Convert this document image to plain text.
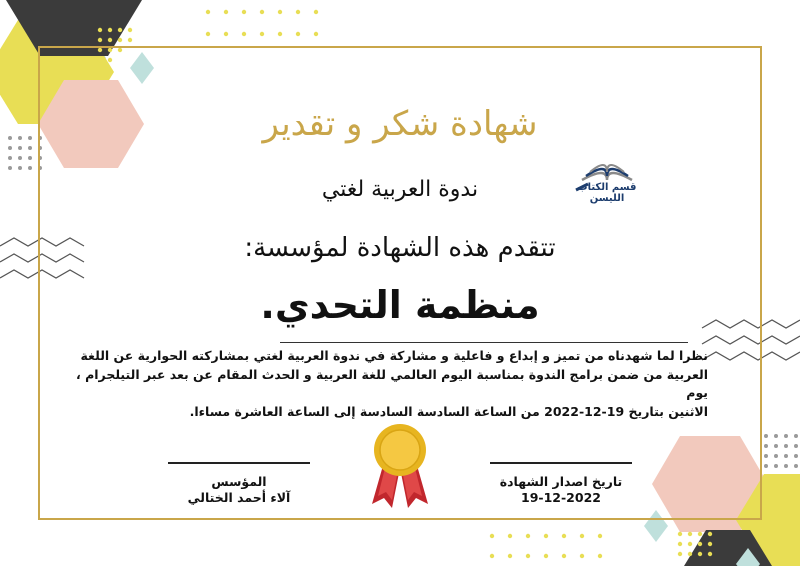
قسم الكتاب الليسن
شهادة شكر و تقدير
ندوة العربية لغتي
تتقدم هذه الشهادة لمؤسسة:
منظمة التحدي.
نظرا لما شهدناه من تميز و إبداع و فاعلية و مشاركة في ندوة العربية لغتي بمشاركته الحوارية عن اللغة
العربية من ضمن برامج الندوة بمناسبة اليوم العالمي للغة العربية و الحدث المقام عن بعد عبر التيلجرام ، يوم
الاثنين بتاريخ 19-12-2022 من الساعة السادسة السادسة إلى الساعة العاشرة مساءا.
المؤسس
آلاء أحمد الختالي
تاريخ اصدار الشهادة
19-12-2022
